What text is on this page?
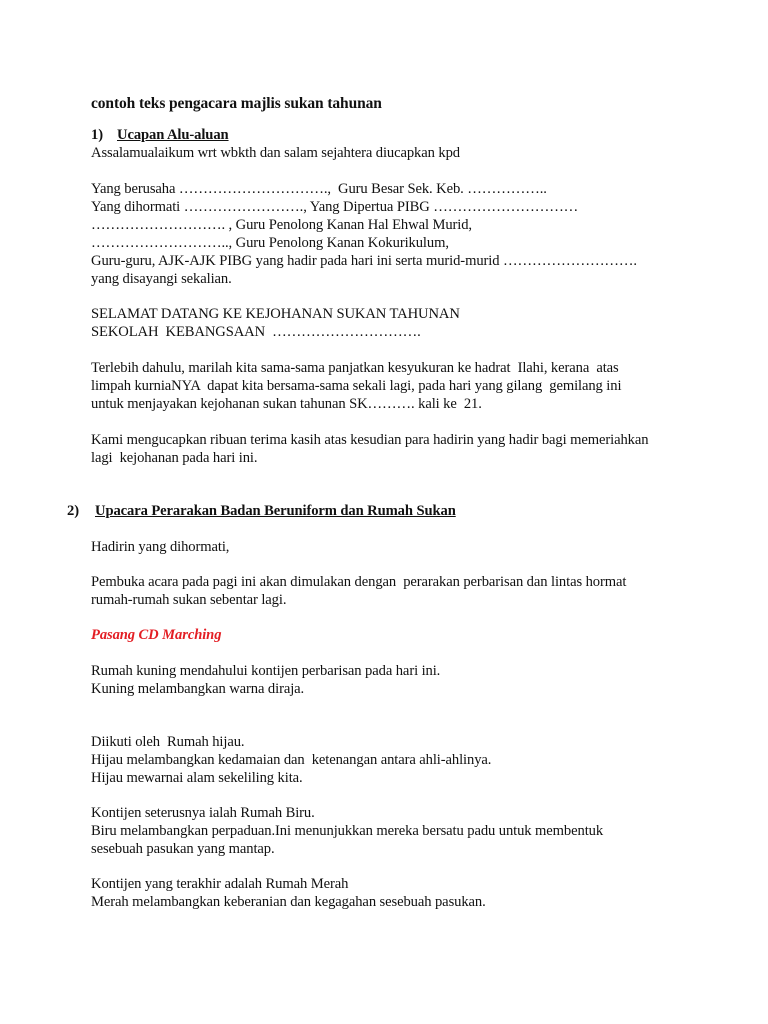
contoh teks pengacara majlis sukan tahunan
1) Ucapan Alu-aluan
Assalamualaikum wrt wbkth dan salam sejahtera diucapkan kpd
Yang berusaha ………………………….,  Guru Besar Sek. Keb. ……………..
Yang dihormati ……………………., Yang Dipertua PIBG …………………………
………………………. , Guru Penolong Kanan Hal Ehwal Murid,
……………………….., Guru Penolong Kanan Kokurikulum,
Guru-guru, AJK-AJK PIBG yang hadir pada hari ini serta murid-murid ……………………….
yang disayangi sekalian.
SELAMAT DATANG KE KEJOHANAN SUKAN TAHUNAN
SEKOLAH  KEBANGSAAN  ………………………….
Terlebih dahulu, marilah kita sama-sama panjatkan kesyukuran ke hadrat  Ilahi, kerana  atas
limpah kurniaNYA  dapat kita bersama-sama sekali lagi, pada hari yang gilang  gemilang ini
untuk menjayakan kejohanan sukan tahunan SK………. kali ke  21.
Kami mengucapkan ribuan terima kasih atas kesudian para hadirin yang hadir bagi memeriahkan
lagi  kejohanan pada hari ini.
2) Upacara Perarakan Badan Beruniform dan Rumah Sukan
Hadirin yang dihormati,
Pembuka acara pada pagi ini akan dimulakan dengan  perarakan perbarisan dan lintas hormat
rumah-rumah sukan sebentar lagi.
Pasang CD Marching
Rumah kuning mendahului kontijen perbarisan pada hari ini.
Kuning melambangkan warna diraja.
Diikuti oleh  Rumah hijau.
Hijau melambangkan kedamaian dan  ketenangan antara ahli-ahlinya.
Hijau mewarnai alam sekeliling kita.
Kontijen seterusnya ialah Rumah Biru.
Biru melambangkan perpaduan.Ini menunjukkan mereka bersatu padu untuk membentuk
sesebuah pasukan yang mantap.
Kontijen yang terakhir adalah Rumah Merah
Merah melambangkan keberanian dan kegagahan sesebuah pasukan.
